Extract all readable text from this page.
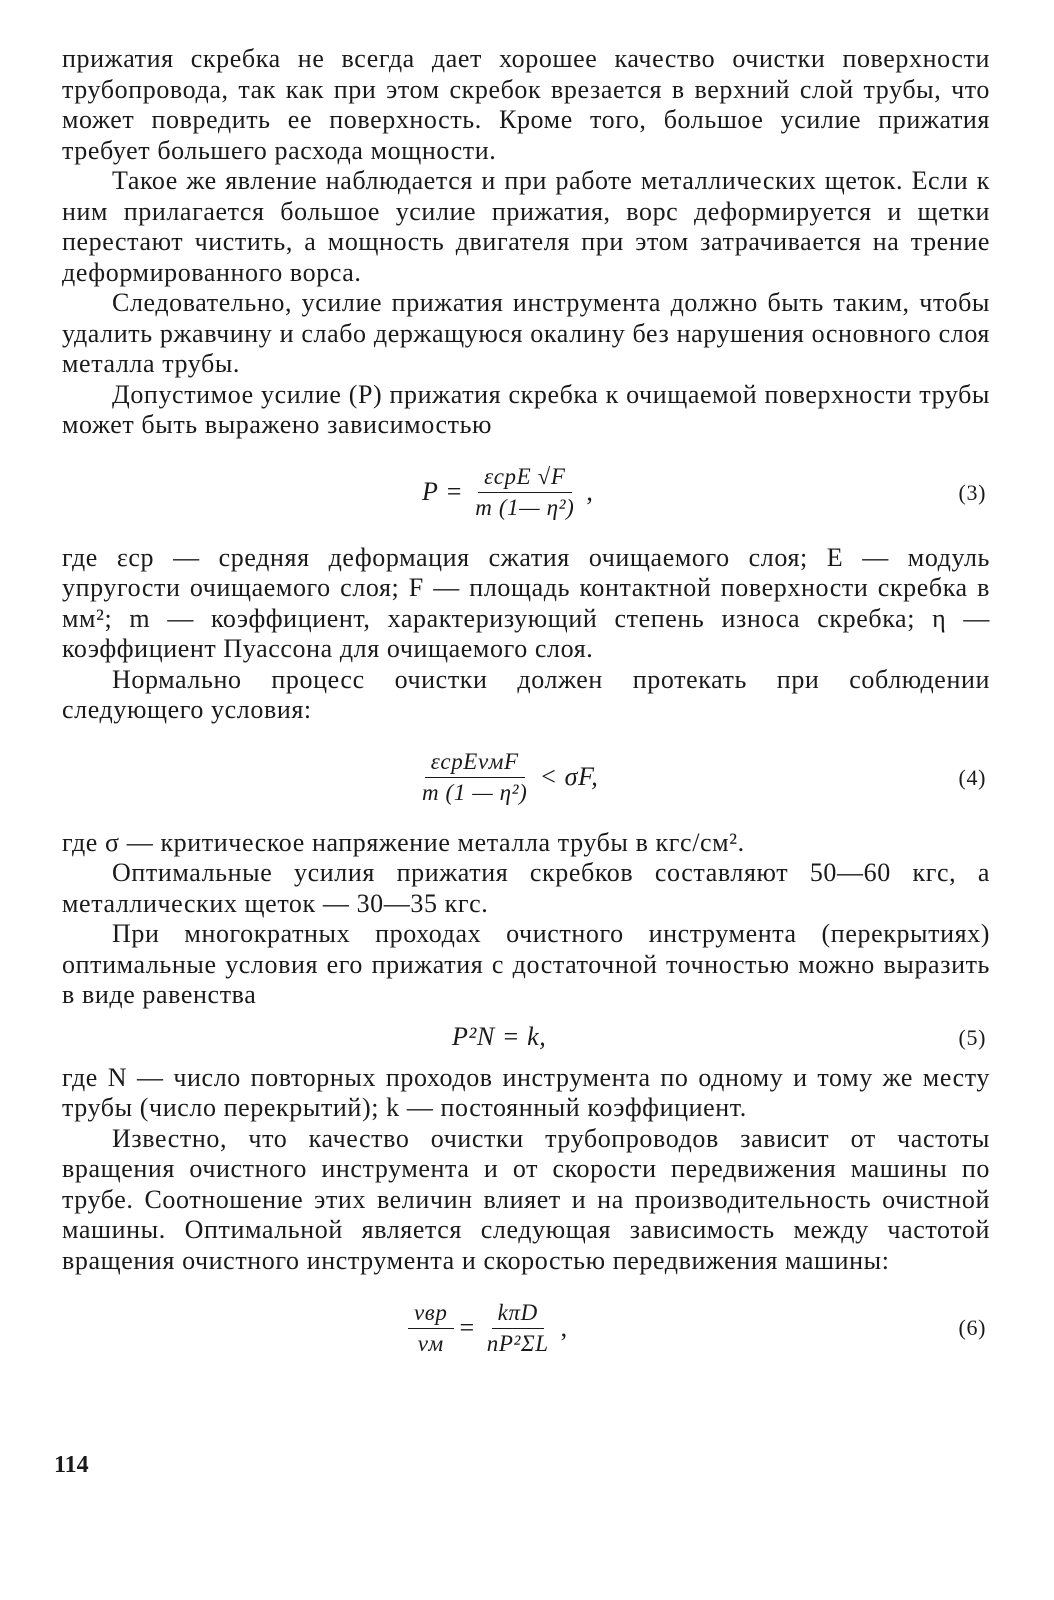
прижатия скребка не всегда дает хорошее качество очистки поверхности трубопровода, так как при этом скребок врезается в верхний слой трубы, что может повредить ее поверхность. Кроме того, большое усилие прижатия требует большего расхода мощности.

Такое же явление наблюдается и при работе металлических щеток. Если к ним прилагается большое усилие прижатия, ворс деформируется и щетки перестают чистить, а мощность двигателя при этом затрачивается на трение деформированного ворса.

Следовательно, усилие прижатия инструмента должно быть таким, чтобы удалить ржавчину и слабо держащуюся окалину без нарушения основного слоя металла трубы.

Допустимое усилие (P) прижатия скребка к очищаемой поверхности трубы может быть выражено зависимостью

$P = \frac{\text{εсрE √F}}{\text{m (1— η²)}}$ ,	(3)

где εср — средняя деформация сжатия очищаемого слоя; E — модуль упругости очищаемого слоя; F — площадь контактной поверхности скребка в мм²; m — коэффициент, характеризующий степень износа скребка; η — коэффициент Пуассона для очищаемого слоя.

Нормально процесс очистки должен протекать при соблюдении следующего условия:

$\frac{\text{εсрEvмF}}{\text{m (1 — η²)}} < \sigma F$,	(4)

где σ — критическое напряжение металла трубы в кгс/см².

Оптимальные усилия прижатия скребков составляют 50—60 кгс, а металлических щеток — 30—35 кгс.

При многократных проходах очистного инструмента (перекрытиях) оптимальные условия его прижатия с достаточной точностью можно выразить в виде равенства

P²N = k,	(5)

где N — число повторных проходов инструмента по одному и тому же месту трубы (число перекрытий); k — постоянный коэффициент.

Известно, что качество очистки трубопроводов зависит от частоты вращения очистного инструмента и от скорости передвижения машины по трубе. Соотношение этих величин влияет и на производительность очистной машины. Оптимальной является следующая зависимость между частотой вращения очистного инструмента и скоростью передвижения машины:

$\frac{\text{vвр}}{vм} = \frac{\text{kπD}}{\text{nP²ΣL}}$ ,	(6)
114
